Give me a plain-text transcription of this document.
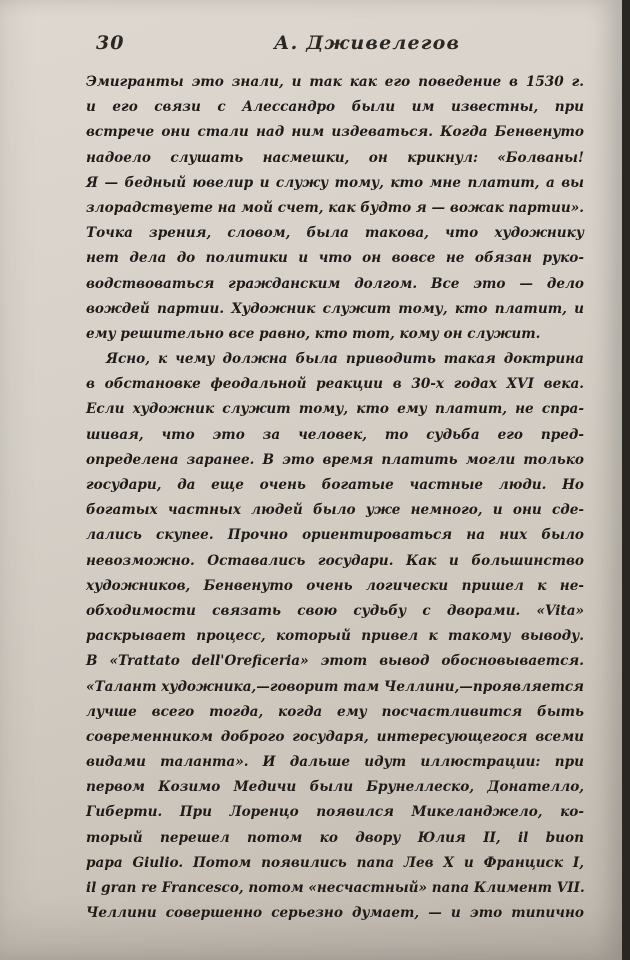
30	А. Дживелегов
Эмигранты это знали, и так как его поведение в 1530 г.
и его связи с Алессандро были им известны, при
встрече они стали над ним издеваться. Когда Бенвенуто
надоело слушать насмешки, он крикнул: «Болваны!
Я — бедный ювелир и служу тому, кто мне платит, а вы
злорадствуете на мой счет, как будто я — вожак партии».
Точка зрения, словом, была такова, что художнику
нет дела до политики и что он вовсе не обязан руко-
водствоваться гражданским долгом. Все это — дело
вождей партии. Художник служит тому, кто платит, и
ему решительно все равно, кто тот, кому он служит.
Ясно, к чему должна была приводить такая доктрина
в обстановке феодальной реакции в 30-х годах XVI века.
Если художник служит тому, кто ему платит, не спра-
шивая, что это за человек, то судьба его пред-
определена заранее. В это время платить могли только
государи, да еще очень богатые частные люди. Но
богатых частных людей было уже немного, и они сде-
лались скупее. Прочно ориентироваться на них было
невозможно. Оставались государи. Как и большинство
художников, Бенвенуто очень логически пришел к не-
обходимости связать свою судьбу с дворами. «Vita»
раскрывает процесс, который привел к такому выводу.
В «Trattato dell'Oreficeria» этот вывод обосновывается.
«Талант художника,—говорит там Челлини,—проявляется
лучше всего тогда, когда ему посчастливится быть
современником доброго государя, интересующегося всеми
видами таланта». И дальше идут иллюстрации: при
первом Козимо Медичи были Брунеллеско, Донателло,
Гиберти. При Лоренцо появился Микеланджело, ко-
торый перешел потом ко двору Юлия II, il buon
papa Giulio. Потом появились папа Лев X и Франциск I,
il gran re Francesco, потом «несчастный» папа Климент VII.
Челлини совершенно серьезно думает, — и это типично
